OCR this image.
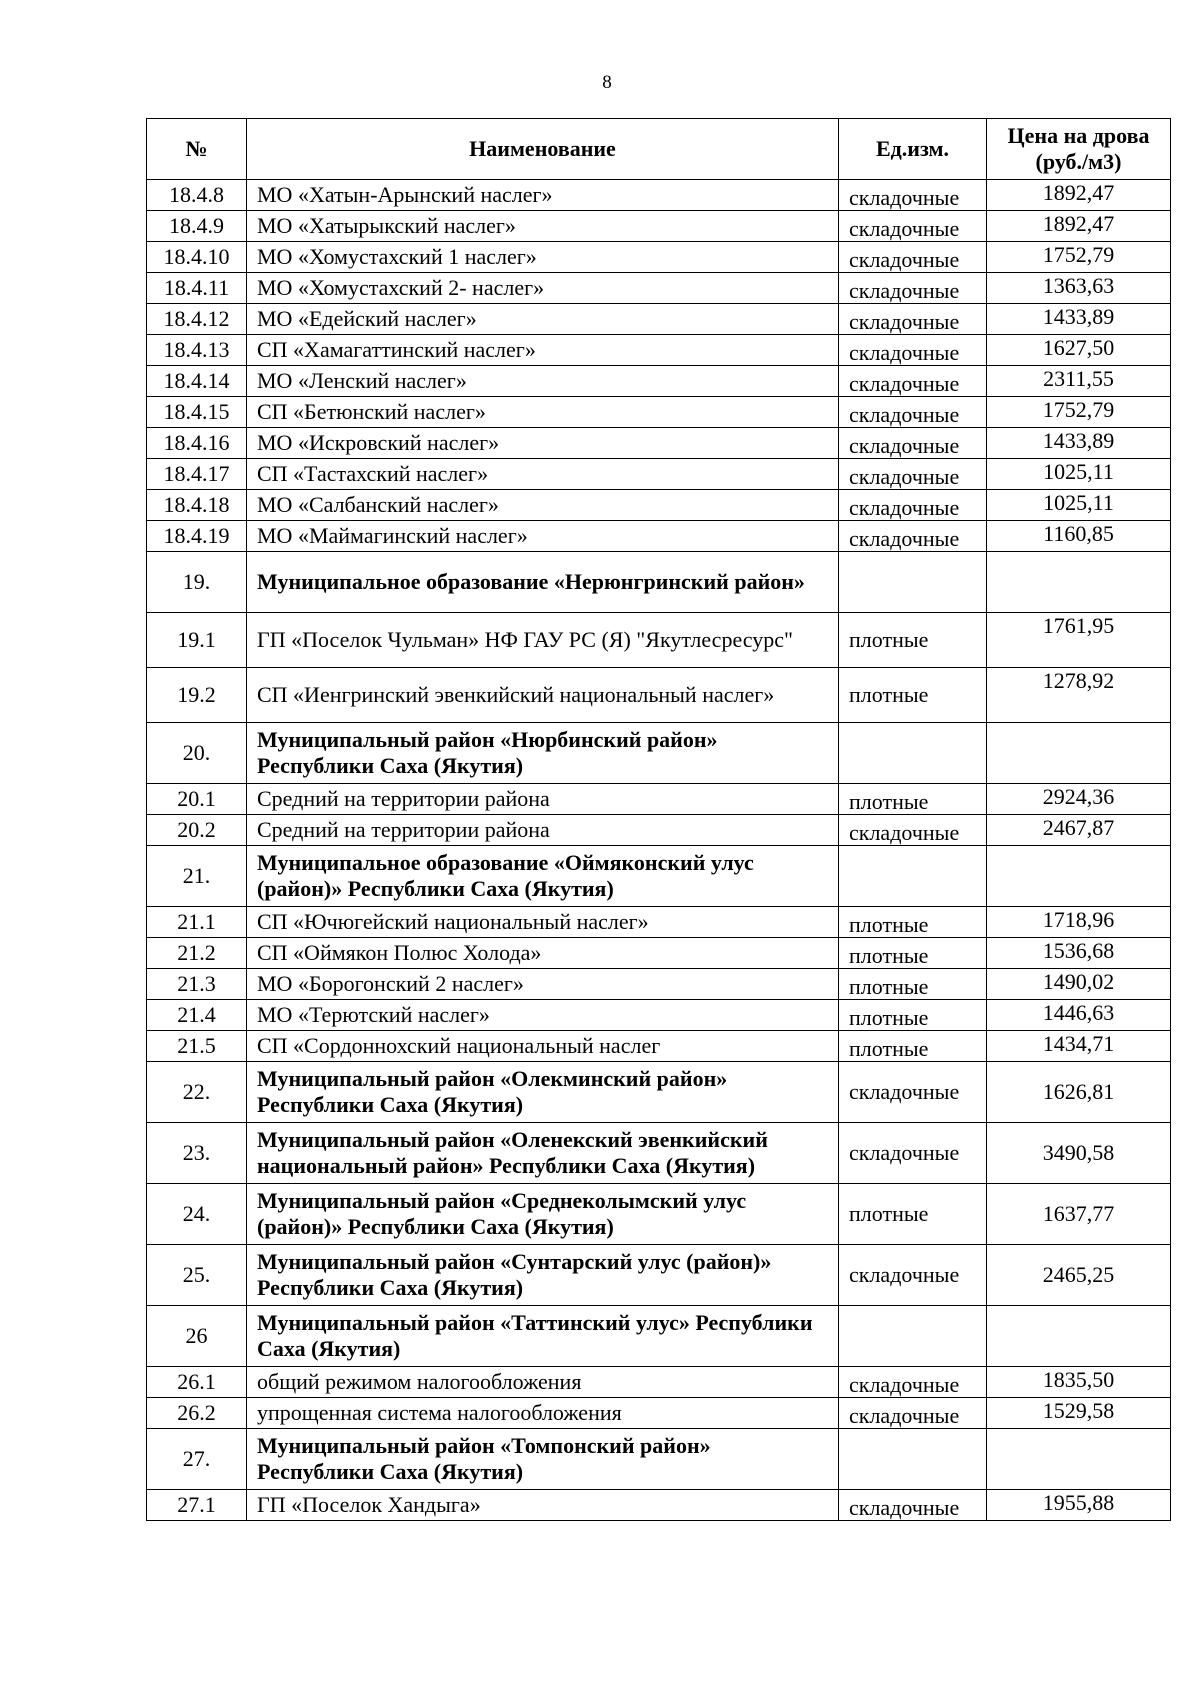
8
№	Наименование	Ед.изм.	Цена на дрова (руб./м3)
18.4.8	МО «Хатын-Арынский наслег»	складочные	1892,47
18.4.9	МО «Хатырыкский наслег»	складочные	1892,47
18.4.10	МО «Хомустахский 1 наслег»	складочные	1752,79
18.4.11	МО «Хомустахский 2- наслег»	складочные	1363,63
18.4.12	МО «Едейский наслег»	складочные	1433,89
18.4.13	СП «Хамагаттинский наслег»	складочные	1627,50
18.4.14	МО «Ленский наслег»	складочные	2311,55
18.4.15	СП «Бетюнский наслег»	складочные	1752,79
18.4.16	МО «Искровский наслег»	складочные	1433,89
18.4.17	СП «Тастахский наслег»	складочные	1025,11
18.4.18	МО «Салбанский наслег»	складочные	1025,11
18.4.19	МО «Маймагинский наслег»	складочные	1160,85
19.	Муниципальное образование «Нерюнгринский район»		
19.1	ГП «Поселок Чульман» НФ ГАУ РС (Я) "Якутлесресурс"	плотные	1761,95
19.2	СП «Иенгринский эвенкийский национальный наслег»	плотные	1278,92
20.	Муниципальный район «Нюрбинский район» Республики Саха (Якутия)		
20.1	Средний на территории района	плотные	2924,36
20.2	Средний на территории района	складочные	2467,87
21.	Муниципальное образование «Оймяконский улус (район)» Республики Саха (Якутия)		
21.1	СП «Ючюгейский национальный наслег»	плотные	1718,96
21.2	СП «Оймякон Полюс Холода»	плотные	1536,68
21.3	МО «Борогонский 2 наслег»	плотные	1490,02
21.4	МО «Терютский наслег»	плотные	1446,63
21.5	СП «Сордоннохский национальный наслег	плотные	1434,71
22.	Муниципальный район «Олекминский район» Республики Саха (Якутия)	складочные	1626,81
23.	Муниципальный район «Оленекский эвенкийский национальный район» Республики Саха (Якутия)	складочные	3490,58
24.	Муниципальный район «Среднеколымский улус (район)» Республики Саха (Якутия)	плотные	1637,77
25.	Муниципальный район «Сунтарский улус (район)» Республики Саха (Якутия)	складочные	2465,25
26	Муниципальный район «Таттинский улус» Республики Саха (Якутия)		
26.1	общий режимом налогообложения	складочные	1835,50
26.2	упрощенная система налогообложения	складочные	1529,58
27.	Муниципальный район «Томпонский район» Республики Саха (Якутия)		
27.1	ГП «Поселок Хандыга»	складочные	1955,88
